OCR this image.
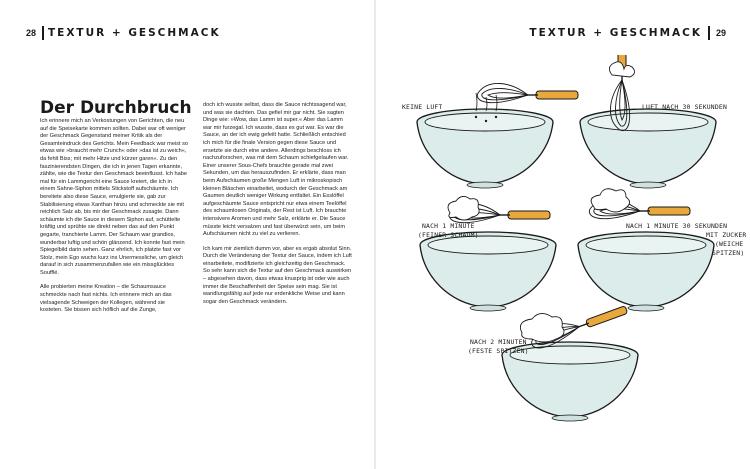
28	TEXTUR + GESCHMACK	TEXTUR + GESCHMACK	29
Der Durchbruch

Ich erinnere mich an Verkostungen von Gerichten, die neu auf die Speisekarte kommen sollten. Dabei war oft weniger der Geschmack Gegenstand meiner Kritik als der Gesamteindruck des Gerichts. Mein Feedback war meist so etwas wie »braucht mehr Crunch« oder »das ist zu weich«, da fehlt Biss; mit mehr Hitze und kürzer garen«. Zu den faszinierendsten Dingen, die ich in jenen Tagen erkannte, zählte, wie die Textur den Geschmack beeinflusst. Ich habe mal für ein Lammgericht eine Sauce kreiert, die ich in einem Sahne-Siphon mittels Stickstoff aufschäumte. Ich bereitete also diese Sauce, emulgierte sie, gab zur Stabilisierung etwas Xanthan hinzu und schmeckte sie mit reichlich Salz ab, bis mir der Geschmack zusagte. Dann schäumte ich die Sauce in diesem Siphon auf, schüttelte kräftig und sprühte sie direkt neben das auf den Punkt gegarte, tranchierte Lamm. Der Schaum war grandios, wunderbar luftig und schön glänzend. Ich konnte fast mein Spiegelbild darin sehen. Ganz ehrlich, ich platzte fast vor Stolz, mein Ego wuchs kurz ins Unermessliche, um gleich darauf in sich zusammenzufallen wie ein missglücktes Soufflé.

Alle probierten meine Kreation – die Schaumsauce schmeckte nach fast nichts. Ich erinnere mich an das vielsagende Schweigen der Kollegen, während sie kosteten. Sie bissen sich höflich auf die Zunge,

doch ich wusste selbst, dass die Sauce nichtssagend war, und was sie dachten. Das gefiel mir gar nicht. Sie sagten Dinge wie: »Wow, das Lamm ist super.« Aber das Lamm war mir furzegal. Ich wusste, dass es gut war. Es war die Sauce, an der ich ewig gefeilt hatte. Schließlich entschied ich mich für die finale Version gegen diese Sauce und ersetzte sie durch eine andere. Allerdings beschloss ich nachzuforschen, was mit dem Schaum schiefgelaufen war. Einer unserer Sous-Chefs brauchte gerade mal zwei Sekunden, um das herauszufinden. Er erklärte, dass man beim Aufschäumen große Mengen Luft in mikroskopisch kleinen Bläschen einarbeitet, wodurch der Geschmack am Gaumen deutlich weniger Wirkung entfaltet. Ein Esslöffel aufgeschäumte Sauce entspricht nur etwa einem Teelöffel des schaumlosen Originals, der Rest ist Luft. Ich brauchte intensivere Aromen und mehr Salz, erklärte er. Die Sauce müsste leicht versalzen und fast überwürzt sein, um beim Aufschäumen nicht zu viel zu verlieren.

Ich kam mir ziemlich dumm vor, aber es ergab absolut Sinn. Durch die Veränderung der Textur der Sauce, indem ich Luft einarbeitete, modifizierte ich gleichzeitig den Geschmack. So sehr kann sich die Textur auf den Geschmack auswirken – abgesehen davon, dass etwas knusprig ist oder wie auch immer die Beschaffenheit der Speise sein mag. Sie ist wandlungsfähig auf jede nur erdenkliche Weise und kann sogar den Geschmack verändern.

KEINE LUFT	LUFT NACH 30 SEKUNDEN
NACH 1 MINUTE
(FEINER SCHAUM)
NACH 1 MINUTE 30 SEKUNDEN
MIT ZUCKER
(WEICHE
SPITZEN)
NACH 2 MINUTEN
(FESTE SPITZEN)
